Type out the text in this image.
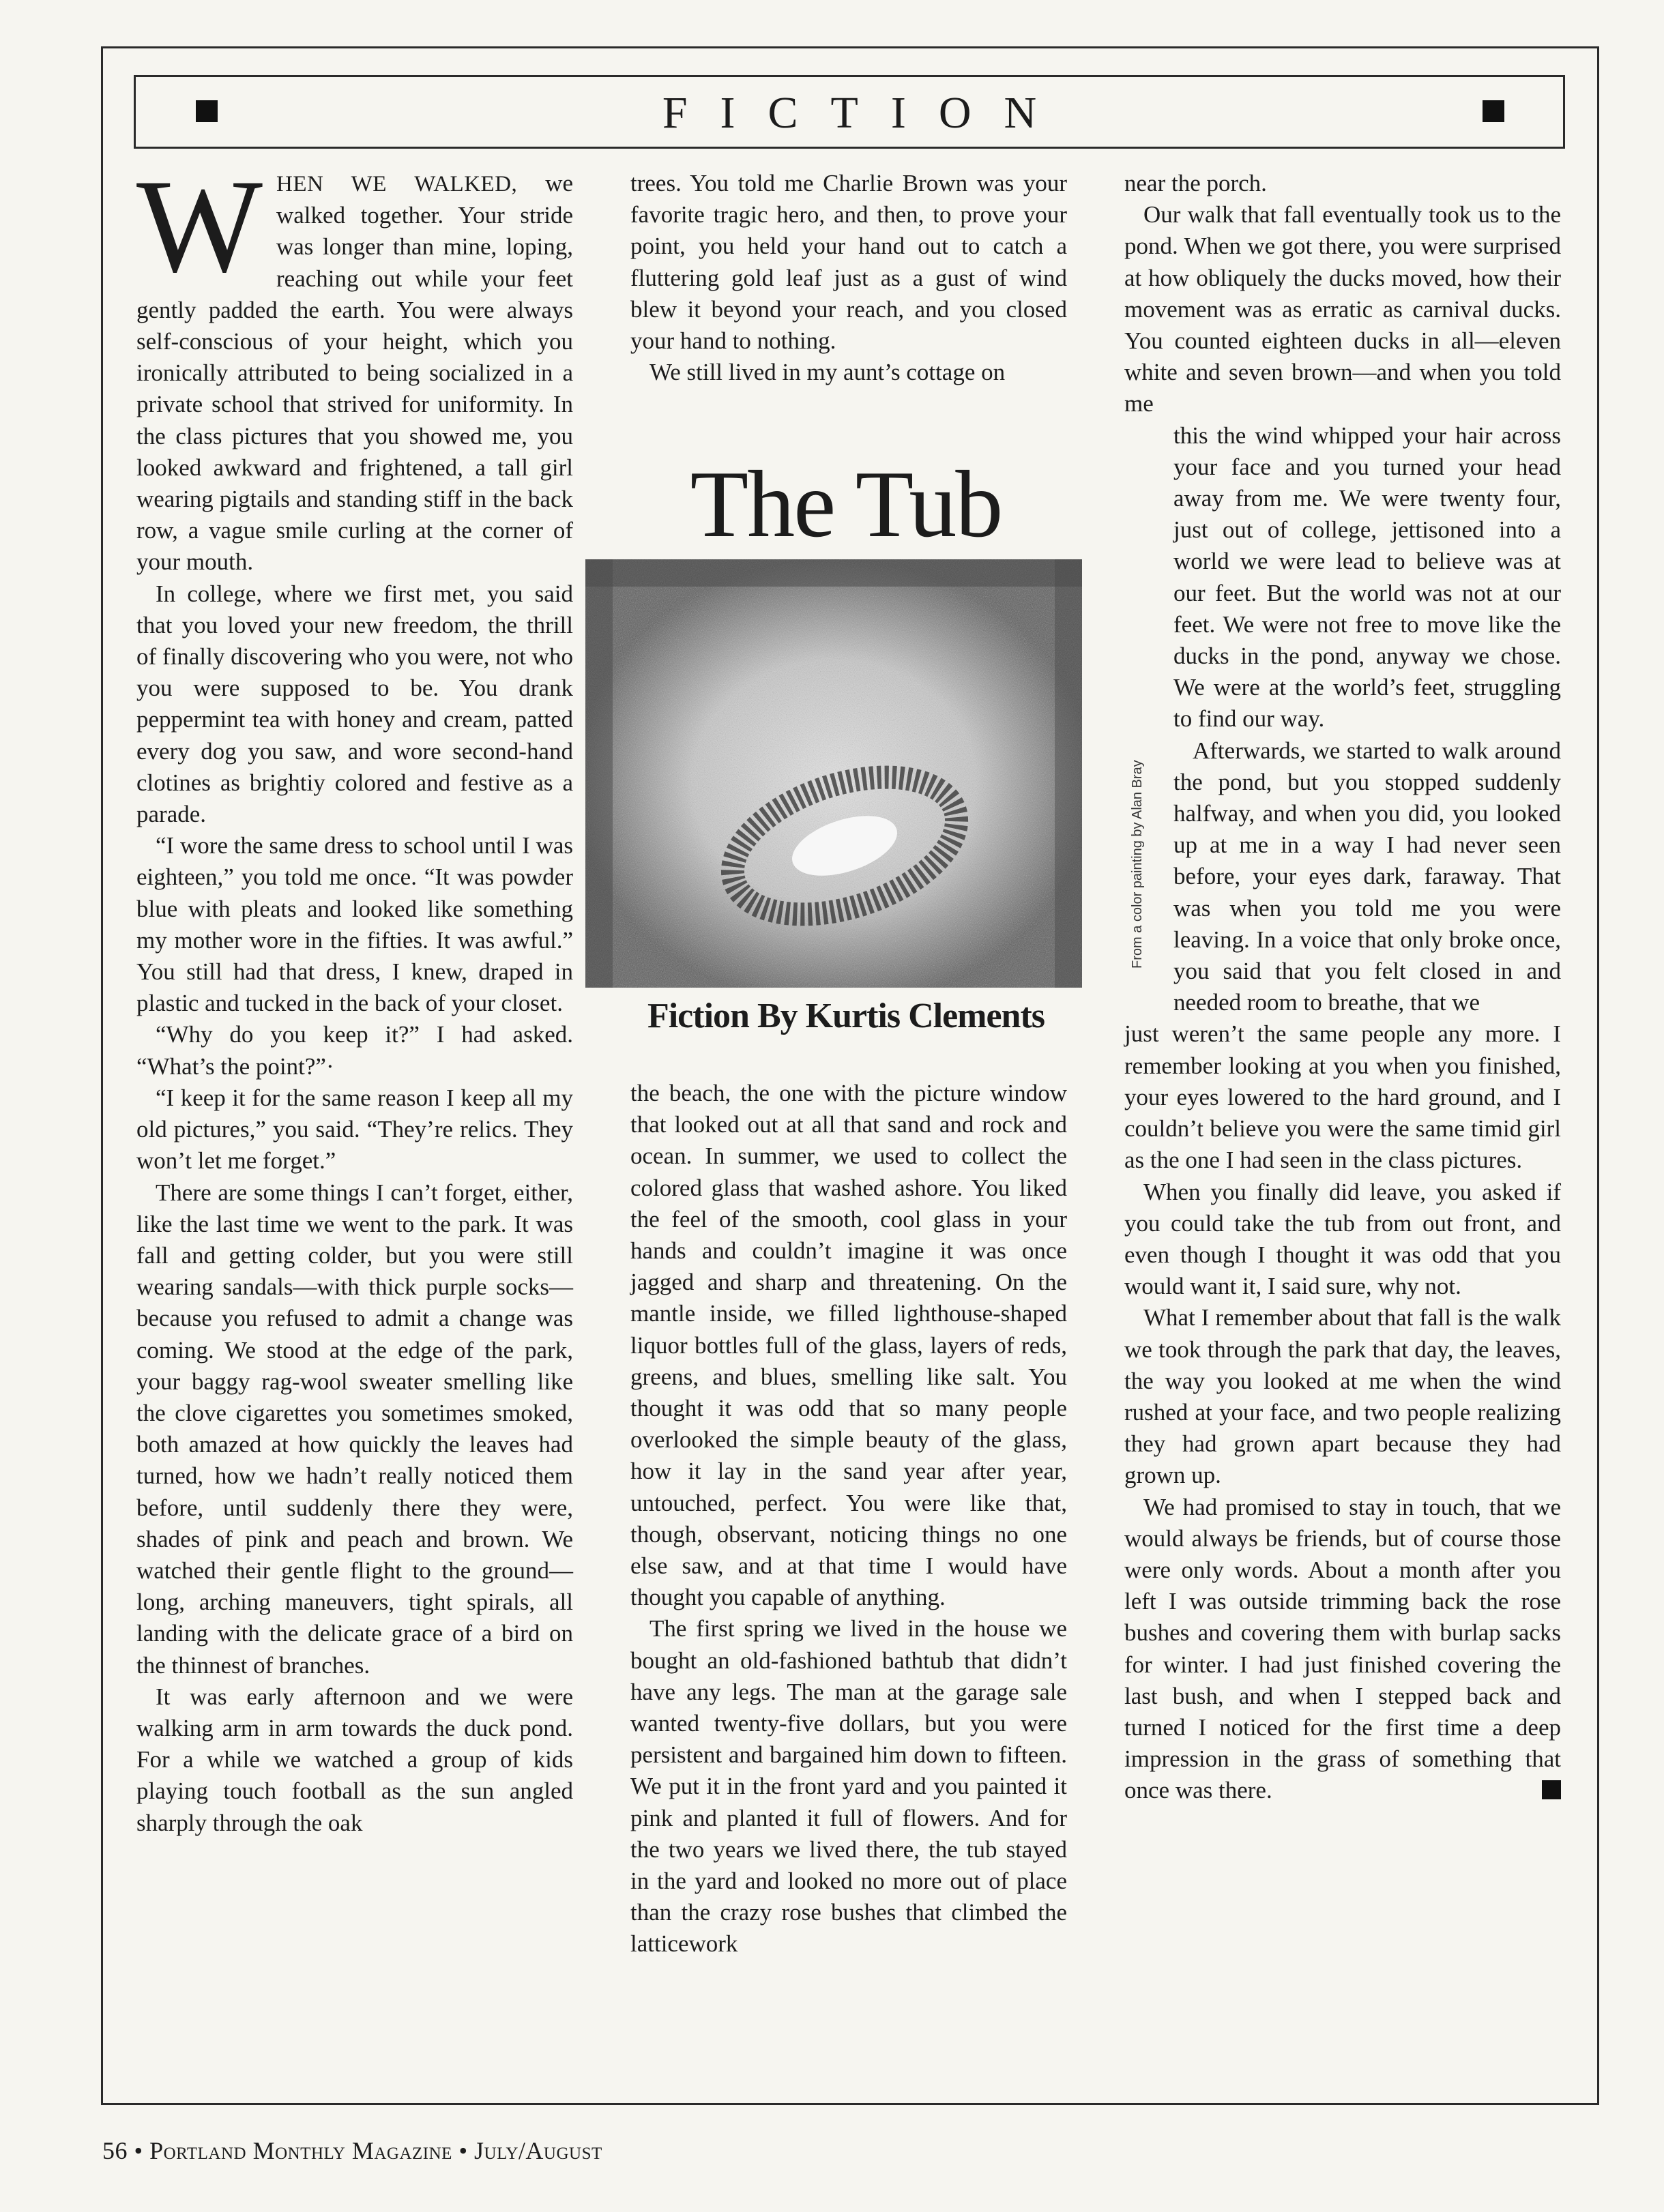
FICTION

WHEN WE WALKED, we walked together. Your stride was longer than mine, loping, reaching out while your feet gently padded the earth. You were always self-conscious of your height, which you ironically attributed to being socialized in a private school that strived for uniformity. In the class pictures that you showed me, you looked awkward and frightened, a tall girl wearing pigtails and standing stiff in the back row, a vague smile curling at the corner of your mouth.

In college, where we first met, you said that you loved your new freedom, the thrill of finally discovering who you were, not who you were supposed to be. You drank peppermint tea with honey and cream, patted every dog you saw, and wore second-hand clotines as brightiy colored and festive as a parade.

“I wore the same dress to school until I was eighteen,” you told me once. “It was powder blue with pleats and looked like something my mother wore in the fifties. It was awful.” You still had that dress, I knew, draped in plastic and tucked in the back of your closet.

“Why do you keep it?” I had asked. “What’s the point?”·

“I keep it for the same reason I keep all my old pictures,” you said. “They’re relics. They won’t let me forget.”

There are some things I can’t forget, either, like the last time we went to the park. It was fall and getting colder, but you were still wearing sandals—with thick purple socks—because you refused to admit a change was coming. We stood at the edge of the park, your baggy rag-wool sweater smelling like the clove cigarettes you sometimes smoked, both amazed at how quickly the leaves had turned, how we hadn’t really noticed them before, until suddenly there they were, shades of pink and peach and brown. We watched their gentle flight to the ground—long, arching maneuvers, tight spirals, all landing with the delicate grace of a bird on the thinnest of branches.

It was early afternoon and we were walking arm in arm towards the duck pond. For a while we watched a group of kids playing touch football as the sun angled sharply through the oak

trees. You told me Charlie Brown was your favorite tragic hero, and then, to prove your point, you held your hand out to catch a fluttering gold leaf just as a gust of wind blew it beyond your reach, and you closed your hand to nothing.

We still lived in my aunt’s cottage on

The Tub
Fiction By Kurtis Clements
From a color painting by Alan Bray

the beach, the one with the picture window that looked out at all that sand and rock and ocean. In summer, we used to collect the colored glass that washed ashore. You liked the feel of the smooth, cool glass in your hands and couldn’t imagine it was once jagged and sharp and threatening. On the mantle inside, we filled lighthouse-shaped liquor bottles full of the glass, layers of reds, greens, and blues, smelling like salt. You thought it was odd that so many people overlooked the simple beauty of the glass, how it lay in the sand year after year, untouched, perfect. You were like that, though, observant, noticing things no one else saw, and at that time I would have thought you capable of anything.

The first spring we lived in the house we bought an old-fashioned bathtub that didn’t have any legs. The man at the garage sale wanted twenty-five dollars, but you were persistent and bargained him down to fifteen. We put it in the front yard and you painted it pink and planted it full of flowers. And for the two years we lived there, the tub stayed in the yard and looked no more out of place than the crazy rose bushes that climbed the latticework

near the porch.

Our walk that fall eventually took us to the pond. When we got there, you were surprised at how obliquely the ducks moved, how their movement was as erratic as carnival ducks. You counted eighteen ducks in all—eleven white and seven brown—and when you told me

this the wind whipped your hair across your face and you turned your head away from me. We were twenty four, just out of college, jettisoned into a world we were lead to believe was at our feet. But the world was not at our feet. We were not free to move like the ducks in the pond, anyway we chose. We were at the world’s feet, struggling to find our way.

Afterwards, we started to walk around the pond, but you stopped suddenly halfway, and when you did, you looked up at me in a way I had never seen before, your eyes dark, faraway. That was when you told me you were leaving. In a voice that only broke once, you said that you felt closed in and needed room to breathe, that we

just weren’t the same people any more. I remember looking at you when you finished, your eyes lowered to the hard ground, and I couldn’t believe you were the same timid girl as the one I had seen in the class pictures.

When you finally did leave, you asked if you could take the tub from out front, and even though I thought it was odd that you would want it, I said sure, why not.

What I remember about that fall is the walk we took through the park that day, the leaves, the way you looked at me when the wind rushed at your face, and two people realizing they had grown apart because they had grown up.

We had promised to stay in touch, that we would always be friends, but of course those were only words. About a month after you left I was outside trimming back the rose bushes and covering them with burlap sacks for winter. I had just finished covering the last bush, and when I stepped back and turned I noticed for the first time a deep impression in the grass of something that once was there.

56 • Portland Monthly Magazine • July/August
